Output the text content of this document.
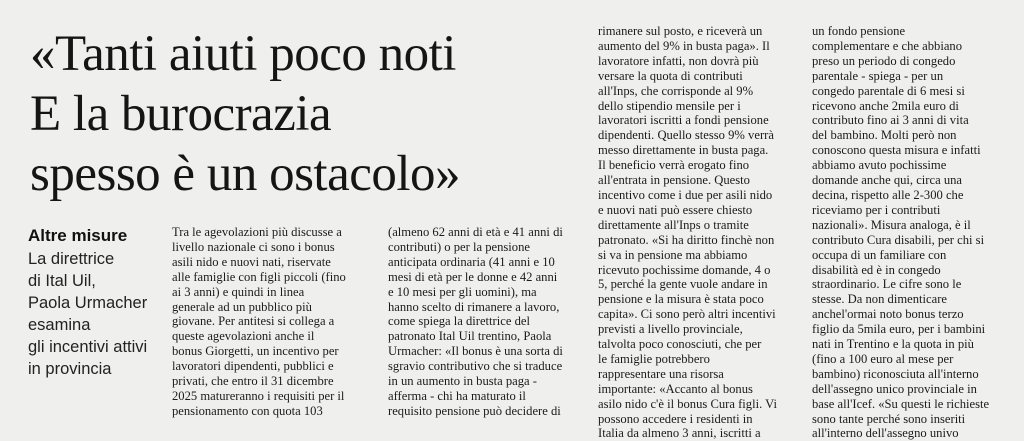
«Tanti aiuti poco noti
E la burocrazia
spesso è un ostacolo»
Altre misure
La direttrice
di Ital Uil,
Paola Urmacher
esamina
gli incentivi attivi
in provincia
Tra le agevolazioni più discusse a
livello nazionale ci sono i bonus
asili nido e nuovi nati, riservate
alle famiglie con figli piccoli (fino
ai 3 anni) e quindi in linea
generale ad un pubblico più
giovane. Per antitesi si collega a
queste agevolazioni anche il
bonus Giorgetti, un incentivo per
lavoratori dipendenti, pubblici e
privati, che entro il 31 dicembre
2025 matureranno i requisiti per il
pensionamento con quota 103
(almeno 62 anni di età e 41 anni di
contributi) o per la pensione
anticipata ordinaria (41 anni e 10
mesi di età per le donne e 42 anni
e 10 mesi per gli uomini), ma
hanno scelto di rimanere a lavoro,
come spiega la direttrice del
patronato Ital Uil trentino, Paola
Urmacher: «Il bonus è una sorta di
sgravio contributivo che si traduce
in un aumento in busta paga -
afferma - chi ha maturato il
requisito pensione può decidere di
rimanere sul posto, e riceverà un
aumento del 9% in busta paga». Il
lavoratore infatti, non dovrà più
versare la quota di contributi
all'Inps, che corrisponde al 9%
dello stipendio mensile per i
lavoratori iscritti a fondi pensione
dipendenti. Quello stesso 9% verrà
messo direttamente in busta paga.
Il beneficio verrà erogato fino
all'entrata in pensione. Questo
incentivo come i due per asili nido
e nuovi nati può essere chiesto
direttamente all'Inps o tramite
patronato. «Si ha diritto finchè non
si va in pensione ma abbiamo
ricevuto pochissime domande, 4 o
5, perché la gente vuole andare in
pensione e la misura è stata poco
capita». Ci sono però altri incentivi
previsti a livello provinciale,
talvolta poco conosciuti, che per
le famiglie potrebbero
rappresentare una risorsa
importante: «Accanto al bonus
asilo nido c'è il bonus Cura figli. Vi
possono accedere i residenti in
Italia da almeno 3 anni, iscritti a
un fondo pensione
complementare e che abbiano
preso un periodo di congedo
parentale - spiega - per un
congedo parentale di 6 mesi si
ricevono anche 2mila euro di
contributo fino ai 3 anni di vita
del bambino. Molti però non
conoscono questa misura e infatti
abbiamo avuto pochissime
domande anche qui, circa una
decina, rispetto alle 2-300 che
riceviamo per i contributi
nazionali». Misura analoga, è il
contributo Cura disabili, per chi si
occupa di un familiare con
disabilità ed è in congedo
straordinario. Le cifre sono le
stesse. Da non dimenticare
anchel'ormai noto bonus terzo
figlio da 5mila euro, per i bambini
nati in Trentino e la quota in più
(fino a 100 euro al mese per
bambino) riconosciuta all'interno
dell'assegno unico provinciale in
base all'Icef. «Su questi le richieste
sono tante perché sono inseriti
all'interno dell'assegno univo
